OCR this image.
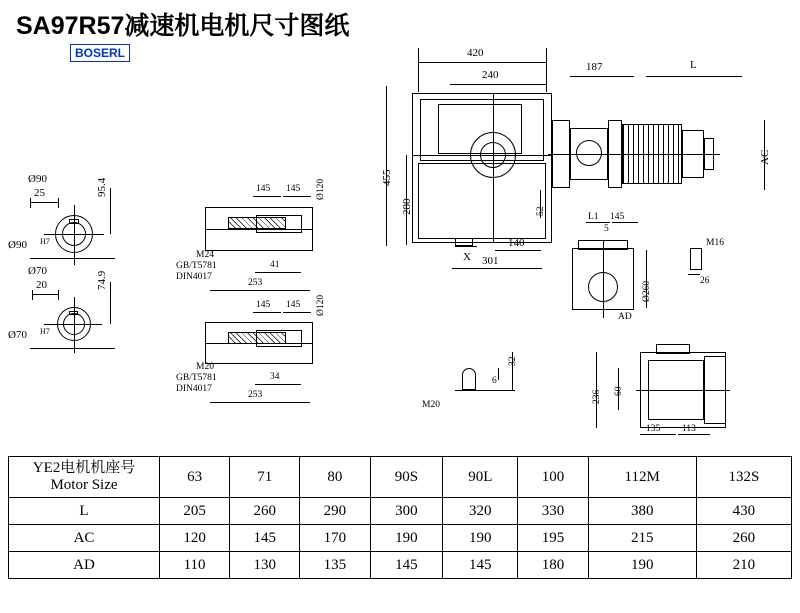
SA97R57减速机电机尺寸图纸
BOSERL
25
Ø90	95.4
Ø90 H7
20
Ø70	74.9
Ø70 H7
145 145 Ø120
M24
GB/T5781
DIN4017
41
253
145 145 Ø120
M20
GB/T5781
DIN4017
34
253
420
240
187	L
AC
455
280	52
140
301
X
L1 145
5
Ø260
AD
M16
26
M20
32
6
236 60
135 113
YE2电机机座号
Motor Size	63	71	80	90S	90L	100	112M	132S
L	205	260	290	300	320	330	380	430
AC	120	145	170	190	190	195	215	260
AD	110	130	135	145	145	180	190	210
